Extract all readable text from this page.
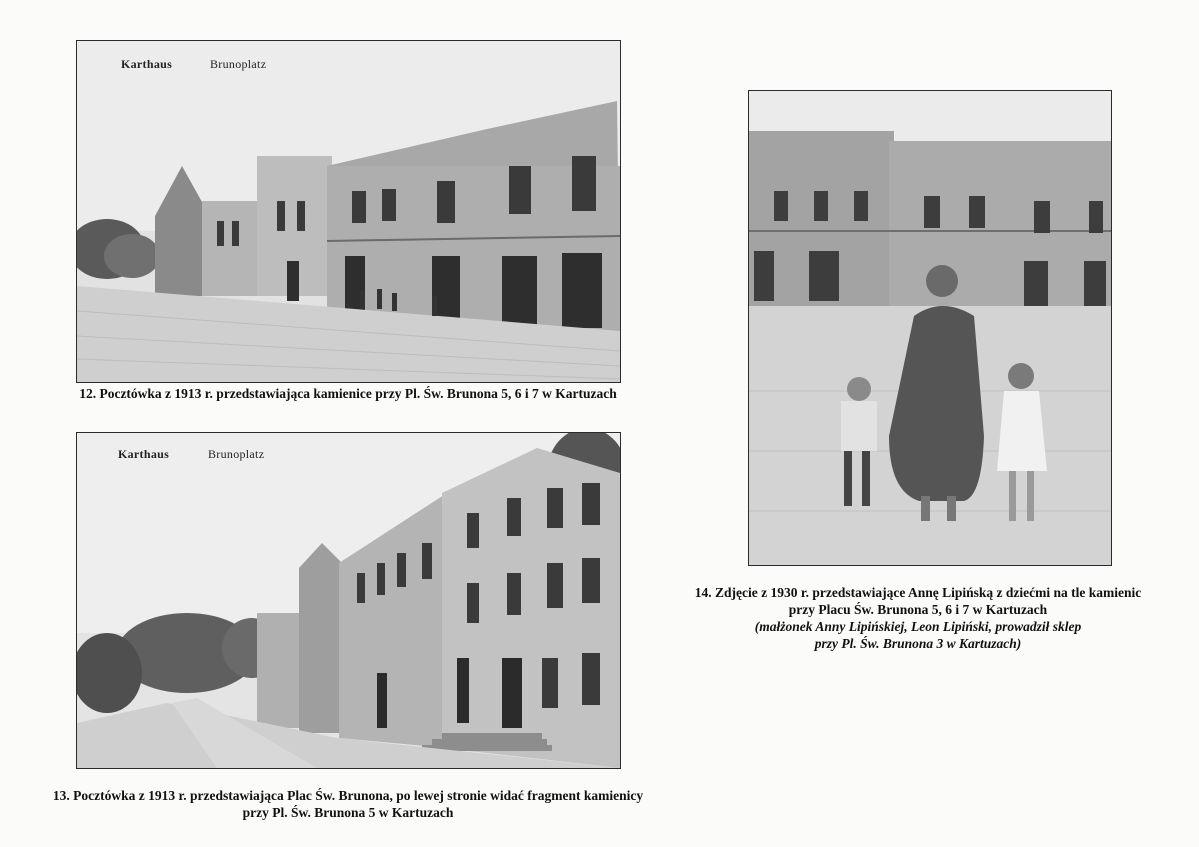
Karthaus	Brunoplatz
12. Pocztówka z 1913 r. przedstawiająca kamienice przy Pl. Św. Brunona 5, 6 i 7 w Kartuzach
Karthaus	Brunoplatz
13. Pocztówka z 1913 r. przedstawiająca Plac Św. Brunona, po lewej stronie widać fragment kamienicy
przy Pl. Św. Brunona 5 w Kartuzach
14. Zdjęcie z 1930 r. przedstawiające Annę Lipińską z dziećmi na tle kamienic
przy Placu Św. Brunona 5, 6 i 7 w Kartuzach
(małżonek Anny Lipińskiej, Leon Lipiński, prowadził sklep
przy Pl. Św. Brunona 3 w Kartuzach)
